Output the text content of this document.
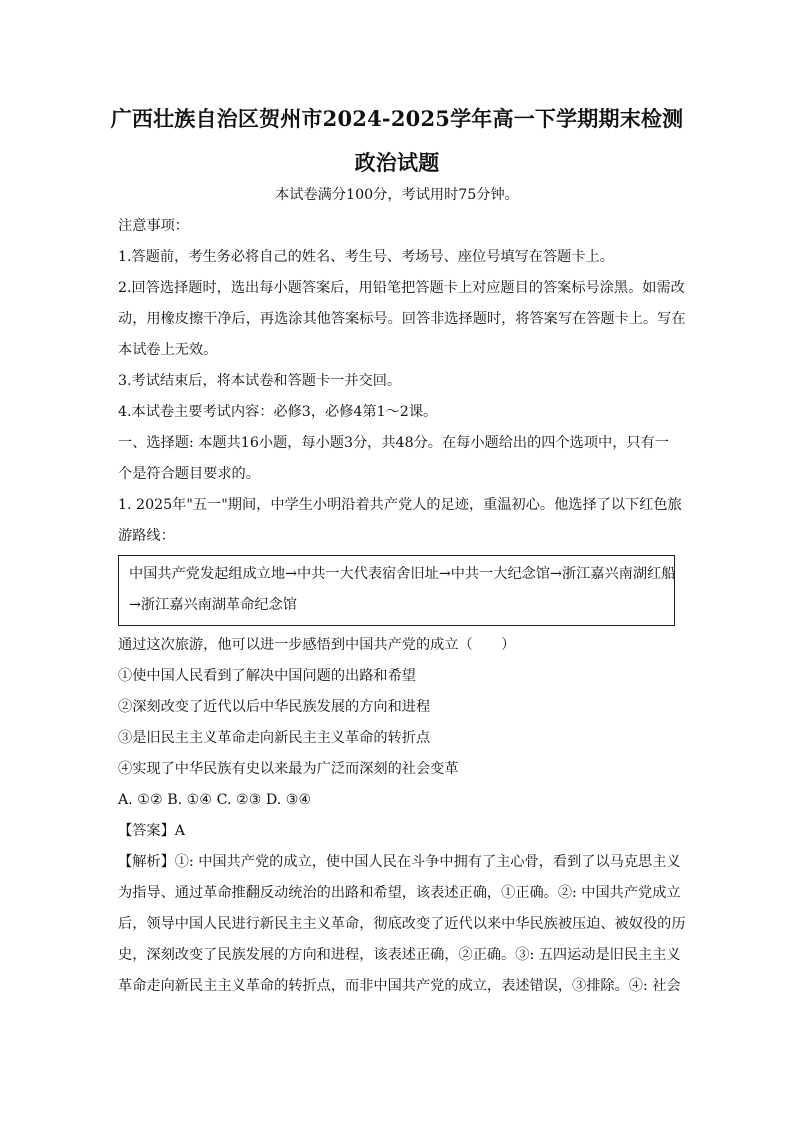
广西壮族自治区贺州市2024-2025学年高一下学期期末检测
政治试题
本试卷满分100分，考试用时75分钟。
注意事项：
1.答题前，考生务必将自己的姓名、考生号、考场号、座位号填写在答题卡上。
2.回答选择题时，选出每小题答案后，用铅笔把答题卡上对应题目的答案标号涂黑。如需改
动，用橡皮擦干净后，再选涂其他答案标号。回答非选择题时，将答案写在答题卡上。写在
本试卷上无效。
3.考试结束后，将本试卷和答题卡一并交回。
4.本试卷主要考试内容：必修3，必修4第1～2课。
一、选择题: 本题共16小题，每小题3分，共48分。在每小题给出的四个选项中，只有一
个是符合题目要求的。
1. 2025年"五一"期间，中学生小明沿着共产党人的足迹，重温初心。他选择了以下红色旅
游路线：
中国共产党发起组成立地→中共一大代表宿舍旧址→中共一大纪念馆→浙江嘉兴南湖红船
→浙江嘉兴南湖革命纪念馆
通过这次旅游，他可以进一步感悟到中国共产党的成立（　　）
①使中国人民看到了解决中国问题的出路和希望
②深刻改变了近代以后中华民族发展的方向和进程
③是旧民主主义革命走向新民主主义革命的转折点
④实现了中华民族有史以来最为广泛而深刻的社会变革
A. ①② B. ①④ C. ②③ D. ③④
【答案】A
【解析】①: 中国共产党的成立，使中国人民在斗争中拥有了主心骨，看到了以马克思主义
为指导、通过革命推翻反动统治的出路和希望，该表述正确，①正确。②: 中国共产党成立
后，领导中国人民进行新民主主义革命，彻底改变了近代以来中华民族被压迫、被奴役的历
史，深刻改变了民族发展的方向和进程，该表述正确，②正确。③: 五四运动是旧民主主义
革命走向新民主主义革命的转折点，而非中国共产党的成立，表述错误，③排除。④: 社会
